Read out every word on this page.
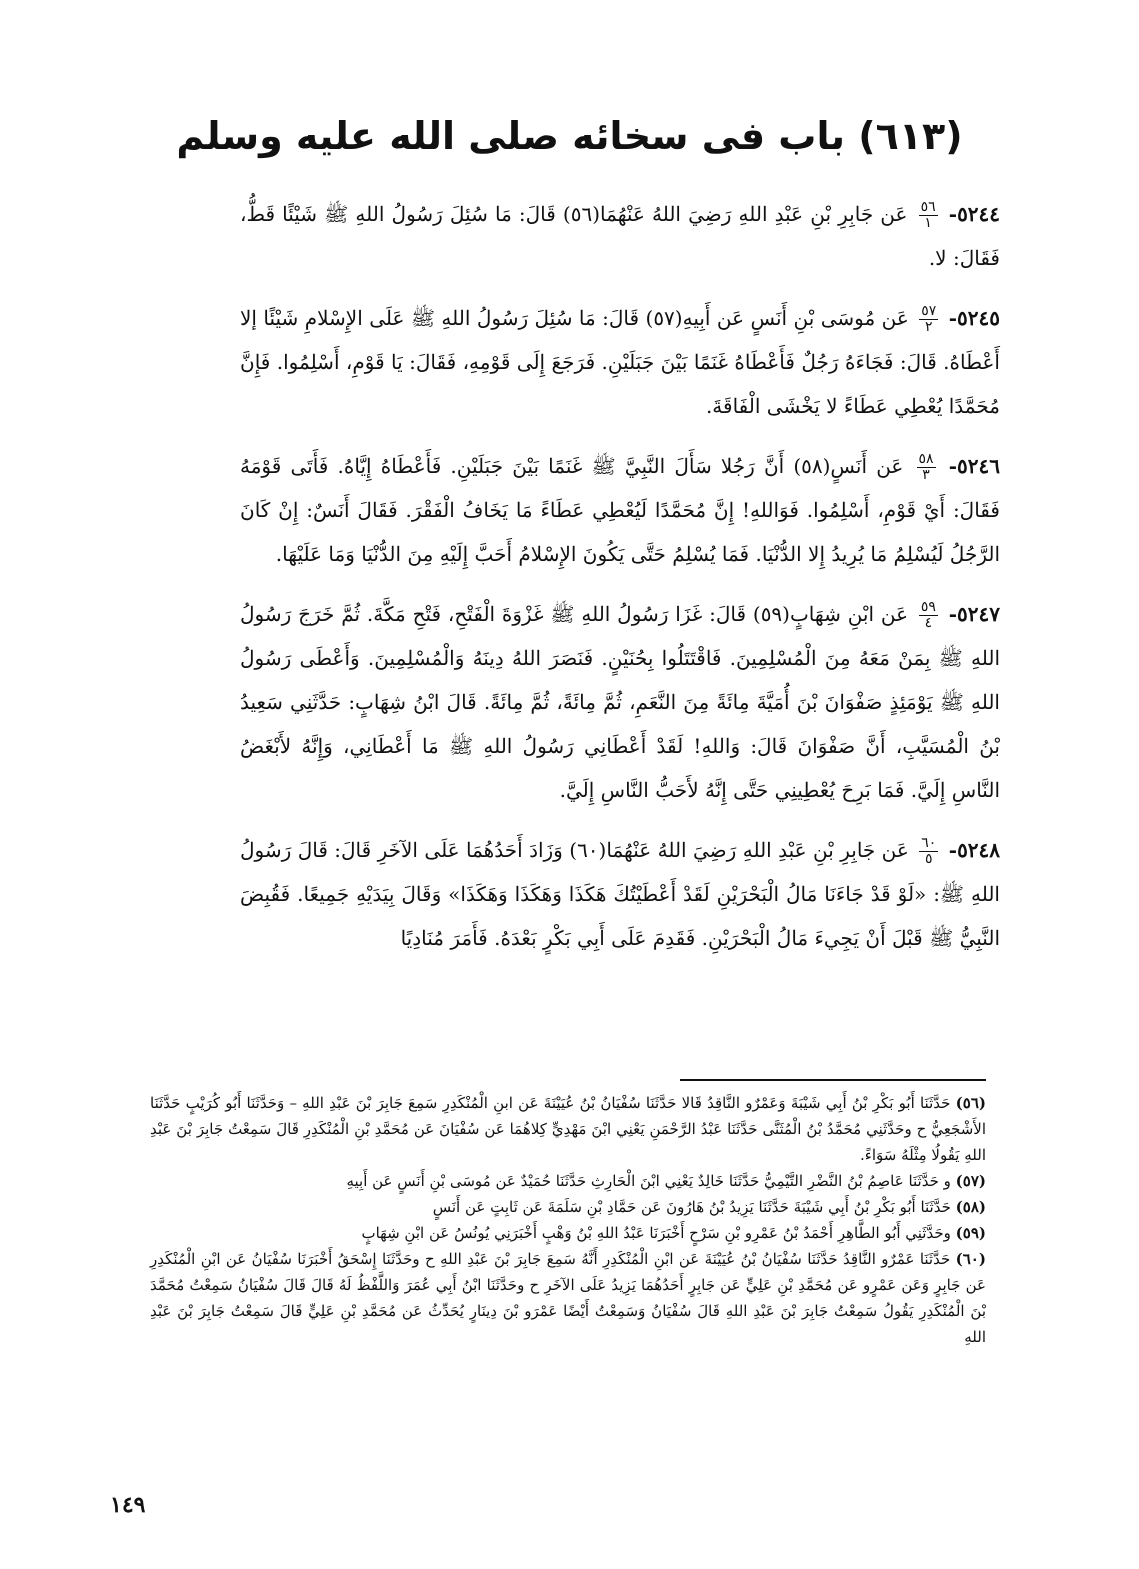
(٦١٣) باب فى سخائه صلى الله عليه وسلم

٥٢٤٤-
$\frac{٥٦}{١}$
عَن جَابِرِ بْنِ عَبْدِ اللهِ رَضِيَ اللهُ عَنْهُمَا(٥٦) قَالَ: مَا سُئِلَ رَسُولُ اللهِ ﷺ شَيْئًا قَطُّ، فَقَالَ: لا.

٥٢٤٥-
$\frac{٥٧}{٢}$
عَن مُوسَى بْنِ أَنَسٍ عَن أَبِيهِ(٥٧) قَالَ: مَا سُئِلَ رَسُولُ اللهِ ﷺ عَلَى الإِسْلامِ شَيْئًا إلا أَعْطَاهُ. قَالَ: فَجَاءَهُ رَجُلٌ فَأَعْطَاهُ غَنَمًا بَيْنَ جَبَلَيْنِ. فَرَجَعَ إِلَى قَوْمِهِ، فَقَالَ: يَا قَوْمِ، أَسْلِمُوا. فَإِنَّ مُحَمَّدًا يُعْطِي عَطَاءً لا يَخْشَى الْفَاقَةَ.

٥٢٤٦-
$\frac{٥٨}{٣}$
عَن أَنَسٍ(٥٨) أَنَّ رَجُلا سَأَلَ النَّبِيَّ ﷺ غَنَمًا بَيْنَ جَبَلَيْنِ. فَأَعْطَاهُ إِيَّاهُ. فَأَتَى قَوْمَهُ فَقَالَ: أَيْ قَوْمِ، أَسْلِمُوا. فَوَاللهِ! إِنَّ مُحَمَّدًا لَيُعْطِي عَطَاءً مَا يَخَافُ الْفَقْرَ. فَقَالَ أَنَسٌ: إِنْ كَانَ الرَّجُلُ لَيُسْلِمُ مَا يُرِيدُ إِلا الدُّنْيَا. فَمَا يُسْلِمُ حَتَّى يَكُونَ الإِسْلامُ أَحَبَّ إِلَيْهِ مِنَ الدُّنْيَا وَمَا عَلَيْهَا.

٥٢٤٧-
$\frac{٥٩}{٤}$
عَن ابْنِ شِهَابٍ(٥٩) قَالَ: غَزَا رَسُولُ اللهِ ﷺ غَزْوَةَ الْفَتْحِ، فَتْحِ مَكَّةَ. ثُمَّ خَرَجَ رَسُولُ اللهِ ﷺ بِمَنْ مَعَهُ مِنَ الْمُسْلِمِينَ. فَاقْتَتَلُوا بِحُنَيْنٍ. فَنَصَرَ اللهُ دِينَهُ وَالْمُسْلِمِينَ. وَأَعْطَى رَسُولُ اللهِ ﷺ يَوْمَئِذٍ صَفْوَانَ بْنَ أُمَيَّةَ مِائَةً مِنَ النَّعَمِ، ثُمَّ مِائَةً، ثُمَّ مِائَةً. قَالَ ابْنُ شِهَابٍ: حَدَّثَنِي سَعِيدُ بْنُ الْمُسَيَّبِ، أَنَّ صَفْوَانَ قَالَ: وَاللهِ! لَقَدْ أَعْطَانِي رَسُولُ اللهِ ﷺ مَا أَعْطَانِي، وَإِنَّهُ لأَبْغَضُ النَّاسِ إِلَيَّ. فَمَا بَرِحَ يُعْطِينِي حَتَّى إِنَّهُ لأَحَبُّ النَّاسِ إِلَيَّ.

٥٢٤٨-
$\frac{٦٠}{٥}$
عَن جَابِرِ بْنِ عَبْدِ اللهِ رَضِيَ اللهُ عَنْهُمَا(٦٠) وَزَادَ أَحَدُهُمَا عَلَى الآخَرِ قَالَ: قَالَ رَسُولُ اللهِ ﷺ: «لَوْ قَدْ جَاءَنَا مَالُ الْبَحْرَيْنِ لَقَدْ أَعْطَيْتُكَ هَكَذَا وَهَكَذَا وَهَكَذَا» وَقَالَ بِيَدَيْهِ جَمِيعًا. فَقُبِضَ النَّبِيُّ ﷺ قَبْلَ أَنْ يَجِيءَ مَالُ الْبَحْرَيْنِ. فَقَدِمَ عَلَى أَبِي بَكْرٍ بَعْدَهُ. فَأَمَرَ مُنَادِيًا

(٥٦) حَدَّثَنَا أَبُو بَكْرِ بْنُ أَبِي شَيْبَةَ وَعَمْرٌو النَّاقِدُ قَالا حَدَّثَنَا سُفْيَانُ بْنُ عُيَيْنَةَ عَن ابنِ الْمُنْكَدِرِ سَمِعَ جَابِرَ بْنَ عَبْدِ اللهِ – وَحَدَّثَنَا أَبُو كُرَيْبٍ حَدَّثَنَا الأَشْجَعِيُّ ح وحَدَّثَنِي مُحَمَّدُ بْنُ الْمُثَنَّى حَدَّثَنَا عَبْدُ الرَّحْمَنِ يَعْنِي ابْنَ مَهْدِيٍّ كِلاهُمَا عَن سُفْيَانَ عَن مُحَمَّدِ بْنِ الْمُنْكَدِرِ قَالَ سَمِعْتُ جَابِرَ بْنَ عَبْدِ اللهِ يَقُولُا مِثْلَهُ سَوَاءً.

(٥٧) و حَدَّثَنَا عَاصِمُ بْنُ النَّضْرِ التَّيْمِيُّ حَدَّثَنَا خَالِدٌ يَعْنِي ابْنَ الْحَارِثِ حَدَّثَنَا حُمَيْدٌ عَن مُوسَى بْنِ أَنَسٍ عَن أَبِيهِ

(٥٨) حَدَّثَنَا أَبُو بَكْرِ بْنُ أَبِي شَيْبَةَ حَدَّثَنَا يَزِيدُ بْنُ هَارُونَ عَن حَمَّادِ بْنِ سَلَمَةَ عَن ثَابِتٍ عَن أَنَسٍ

(٥٩) وحَدَّثَنِي أَبُو الطَّاهِرِ أَحْمَدُ بْنُ عَمْرِو بْنِ سَرْحٍ أَخْبَرَنَا عَبْدُ اللهِ بْنُ وَهْبٍ أَخْبَرَنِي يُونُسُ عَن ابْنِ شِهَابٍ

(٦٠) حَدَّثَنَا عَمْرٌو النَّاقِدُ حَدَّثَنَا سُفْيَانُ بْنُ عُيَيْنَةَ عَن ابْنِ الْمُنْكَدِرِ أَنَّهُ سَمِعَ جَابِرَ بْنَ عَبْدِ اللهِ ح وحَدَّثَنَا إِسْحَقُ أَخْبَرَنَا سُفْيَانُ عَن ابْنِ الْمُنْكَدِرِ عَن جَابِرٍ وَعَن عَمْرٍو عَن مُحَمَّدِ بْنِ عَلِيٍّ عَن جَابِرٍ أَحَدُهُمَا يَزِيدُ عَلَى الآخَرِ ح وحَدَّثَنَا ابْنُ أَبِي عُمَرَ وَاللَّفْظُ لَهُ قَالَ قَالَ سُفْيَانُ سَمِعْتُ مُحَمَّدَ بْنَ الْمُنْكَدِرِ يَقُولُ سَمِعْتُ جَابِرَ بْنَ عَبْدِ اللهِ قَالَ سُفْيَانُ وَسَمِعْتُ أَيْضًا عَمْرَو بْنَ دِينَارٍ يُحَدِّثُ عَن مُحَمَّدِ بْنِ عَلِيٍّ قَالَ سَمِعْتُ جَابِرَ بْنَ عَبْدِ اللهِ

١٤٩
